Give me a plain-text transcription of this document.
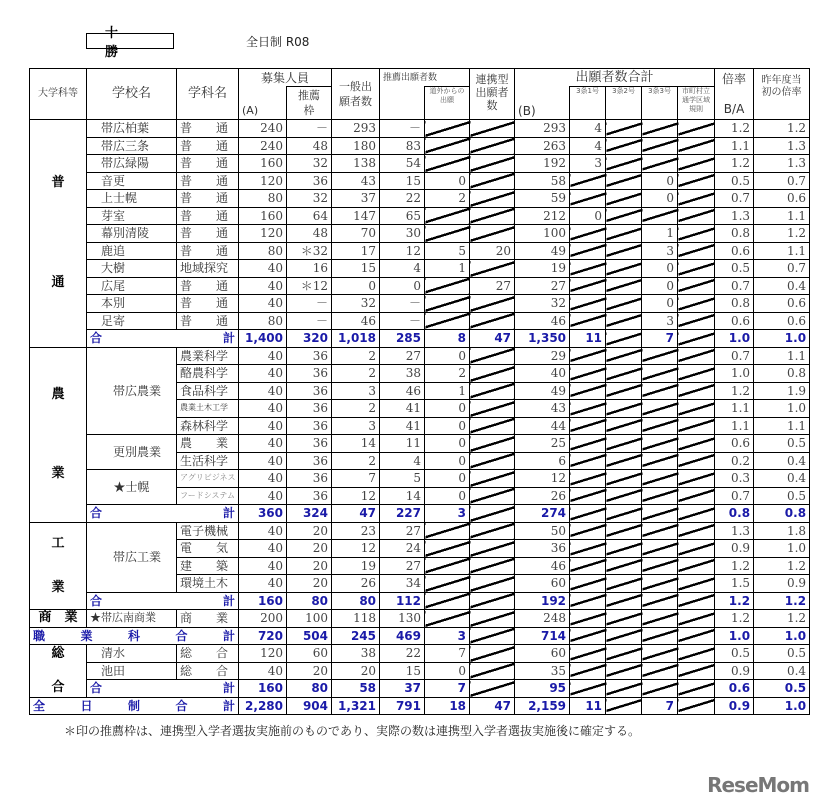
十 勝
全日制 R08
大学科等	学校名	学科名	募集人員		一般出願者数	推薦出願者数		連携型出願者数	出願者数合計					倍率
B/A	昨年度当初の倍率
			(A)	推薦枠			道外からの出願		(B)	3条1号	3条2号	3条3号	市町村立通学区域規則		

普
通	帯広柏葉	普　　通	240	－	293	－			293	4				1.2	1.2
	帯広三条	普　　通	240	48	180	83			263	4				1.1	1.3
	帯広緑陽	普　　通	160	32	138	54			192	3				1.2	1.3
	音更	普　　通	120	36	43	15	0		58			0		0.5	0.7
	上士幌	普　　通	80	32	37	22	2		59			0		0.7	0.6
	芽室	普　　通	160	64	147	65			212	0				1.3	1.1
	幕別清陵	普　　通	120	48	70	30			100			1		0.8	1.2
	鹿追	普　　通	80	＊32	17	12	5	20	49			3		0.6	1.1
	大樹	地域探究	40	16	15	4	1		19			0		0.5	0.7
	広尾	普　　通	40	＊12	0	0		27	27			0		0.7	0.4
	本別	普　　通	40	－	32	－			32			0		0.8	0.6
	足寄	普　　通	80	－	46	－			46			3		0.6	0.6

	合 計		1,400	320	1,018	285	8	47	1,350	11		7		1.0	1.0

農
業	帯広農業	農業科学	40	36	2	27	0		29					0.7	1.1
		酪農科学	40	36	2	38	2		40					1.0	0.8
		食品科学	40	36	3	46	1		49					1.2	1.9
		農業土木工学	40	36	2	41	0		43					1.1	1.0
		森林科学	40	36	3	41	0		44					1.1	1.1
	更別農業	農　　業	40	36	14	11	0		25					0.6	0.5
		生活科学	40	36	2	4	0		6					0.2	0.4
	★士幌	アグリビジネス	40	36	7	5	0		12					0.3	0.4
		フードシステム	40	36	12	14	0		26					0.7	0.5

	合 計		360	324	47	227	3		274					0.8	0.8

工
業	帯広工業	電子機械	40	20	23	27			50					1.3	1.8
		電　　気	40	20	12	24			36					0.9	1.0
		建　　築	40	20	19	27			46					1.2	1.2
		環境土木	40	20	26	34			60					1.5	0.9

	合 計		160	80	80	112			192					1.2	1.2
商　業	★帯広南商業	商　　業	200	100	118	130			248					1.2	1.2

職 業 科 合 計			720	504	245	469	3		714					1.0	1.0

総
合	清水	総　　合	120	60	38	22	7		60					0.5	0.5
	池田	総　　合	40	20	20	15	0		35					0.9	0.4

	合 計		160	80	58	37	7		95					0.6	0.5

全 日 制 合 計			2,280	904	1,321	791	18	47	2,159	11		7		0.9	1.0
＊印の推薦枠は、連携型入学者選抜実施前のものであり、実際の数は連携型入学者選抜実施後に確定する。
ReseMom
